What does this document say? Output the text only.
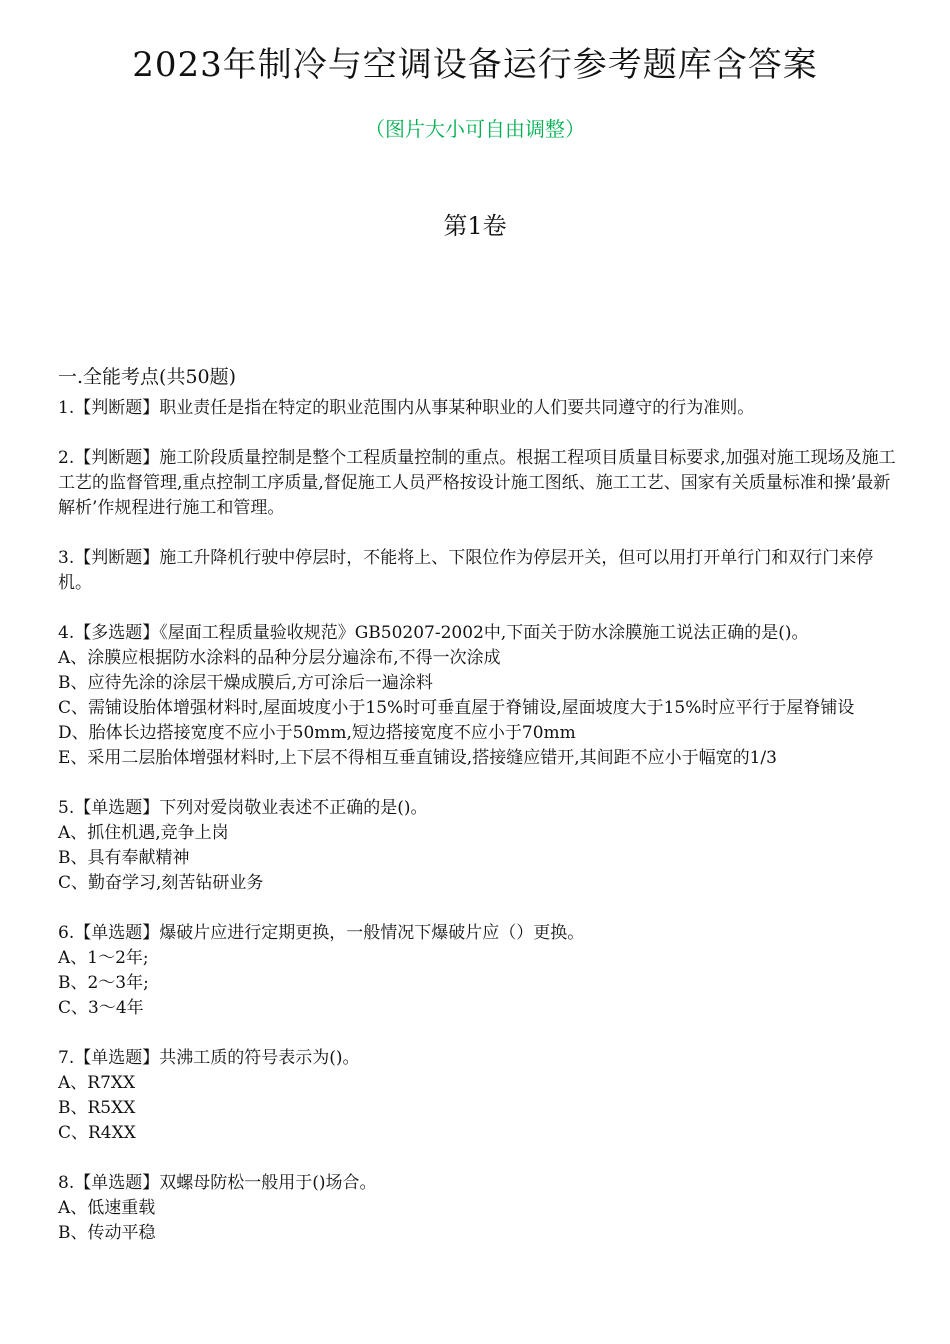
2023年制冷与空调设备运行参考题库含答案
（图片大小可自由调整）
第1卷
一.全能考点(共50题)

1.【判断题】职业责任是指在特定的职业范围内从事某种职业的人们要共同遵守的行为准则。

2.【判断题】施工阶段质量控制是整个工程质量控制的重点。根据工程项目质量目标要求,加强对施工现场及施工工艺的监督管理,重点控制工序质量,督促施工人员严格按设计施工图纸、施工工艺、国家有关质量标准和操’最新解析’作规程进行施工和管理。

3.【判断题】施工升降机行驶中停层时，不能将上、下限位作为停层开关，但可以用打开单行门和双行门来停机。

4.【多选题】《屋面工程质量验收规范》GB50207-2002中,下面关于防水涂膜施工说法正确的是()。

A、涂膜应根据防水涂料的品种分层分遍涂布,不得一次涂成

B、应待先涂的涂层干燥成膜后,方可涂后一遍涂料

C、需铺设胎体增强材料时,屋面坡度小于15%时可垂直屋于脊铺设,屋面坡度大于15%时应平行于屋脊铺设

D、胎体长边搭接宽度不应小于50mm,短边搭接宽度不应小于70mm

E、采用二层胎体增强材料时,上下层不得相互垂直铺设,搭接缝应错开,其间距不应小于幅宽的1/3

5.【单选题】下列对爱岗敬业表述不正确的是()。

A、抓住机遇,竞争上岗

B、具有奉献精神

C、勤奋学习,刻苦钻研业务

6.【单选题】爆破片应进行定期更换，一般情况下爆破片应（）更换。

A、1～2年;

B、2～3年;

C、3～4年

7.【单选题】共沸工质的符号表示为()。

A、R7XX

B、R5XX

C、R4XX

8.【单选题】双螺母防松一般用于()场合。

A、低速重载

B、传动平稳
